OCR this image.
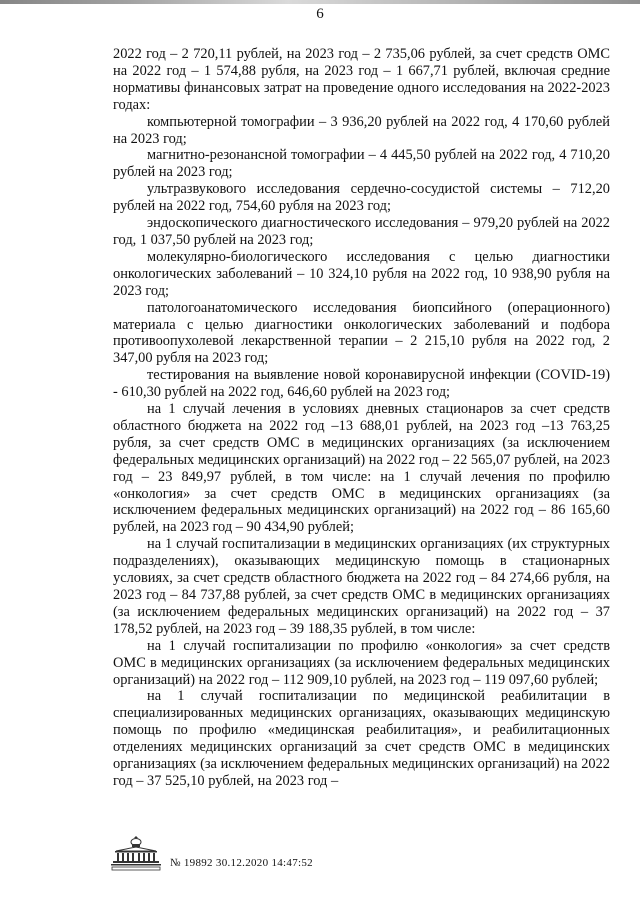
6

2022 год – 2 720,11 рублей, на 2023 год – 2 735,06 рублей, за счет средств ОМС на 2022 год – 1 574,88 рубля, на 2023 год – 1 667,71 рублей, включая средние нормативы финансовых затрат на проведение одного исследования на 2022-2023 годах:

компьютерной томографии – 3 936,20 рублей на 2022 год, 4 170,60 рублей на 2023 год;

магнитно-резонансной томографии – 4 445,50 рублей на 2022 год, 4 710,20 рублей на 2023 год;

ультразвукового исследования сердечно-сосудистой системы – 712,20 рублей на 2022 год, 754,60 рубля на 2023 год;

эндоскопического диагностического исследования – 979,20 рублей на 2022 год, 1 037,50 рублей на 2023 год;

молекулярно-биологического исследования с целью диагностики онкологических заболеваний – 10 324,10 рубля на 2022 год, 10 938,90 рубля на 2023 год;

патологоанатомического исследования биопсийного (операционного) материала с целью диагностики онкологических заболеваний и подбора противоопухолевой лекарственной терапии – 2 215,10 рубля на 2022 год, 2 347,00 рубля на 2023 год;

тестирования на выявление новой коронавирусной инфекции (COVID-19) - 610,30 рублей на 2022 год, 646,60 рублей на 2023 год;

на 1 случай лечения в условиях дневных стационаров за счет средств областного бюджета на 2022 год –13 688,01 рублей, на 2023 год –13 763,25 рубля, за счет средств ОМС в медицинских организациях (за исключением федеральных медицинских организаций) на 2022 год – 22 565,07 рублей, на 2023 год – 23 849,97 рублей, в том числе: на 1 случай лечения по профилю «онкология» за счет средств ОМС в медицинских организациях (за исключением федеральных медицинских организаций) на 2022 год – 86 165,60 рублей, на 2023 год – 90 434,90 рублей;

на 1 случай госпитализации в медицинских организациях (их структурных подразделениях), оказывающих медицинскую помощь в стационарных условиях, за счет средств областного бюджета на 2022 год – 84 274,66 рубля, на 2023 год – 84 737,88 рублей, за счет средств ОМС в медицинских организациях (за исключением федеральных медицинских организаций) на 2022 год – 37 178,52 рублей, на 2023 год – 39 188,35 рублей, в том числе:

на 1 случай госпитализации по профилю «онкология» за счет средств ОМС в медицинских организациях (за исключением федеральных медицинских организаций) на 2022 год – 112 909,10 рублей, на 2023 год – 119 097,60 рублей;

на 1 случай госпитализации по медицинской реабилитации в специализированных медицинских организациях, оказывающих медицинскую помощь по профилю «медицинская реабилитация», и реабилитационных отделениях медицинских организаций за счет средств ОМС в медицинских организациях (за исключением федеральных медицинских организаций) на 2022 год – 37 525,10 рублей, на 2023 год –

№ 19892 30.12.2020 14:47:52
